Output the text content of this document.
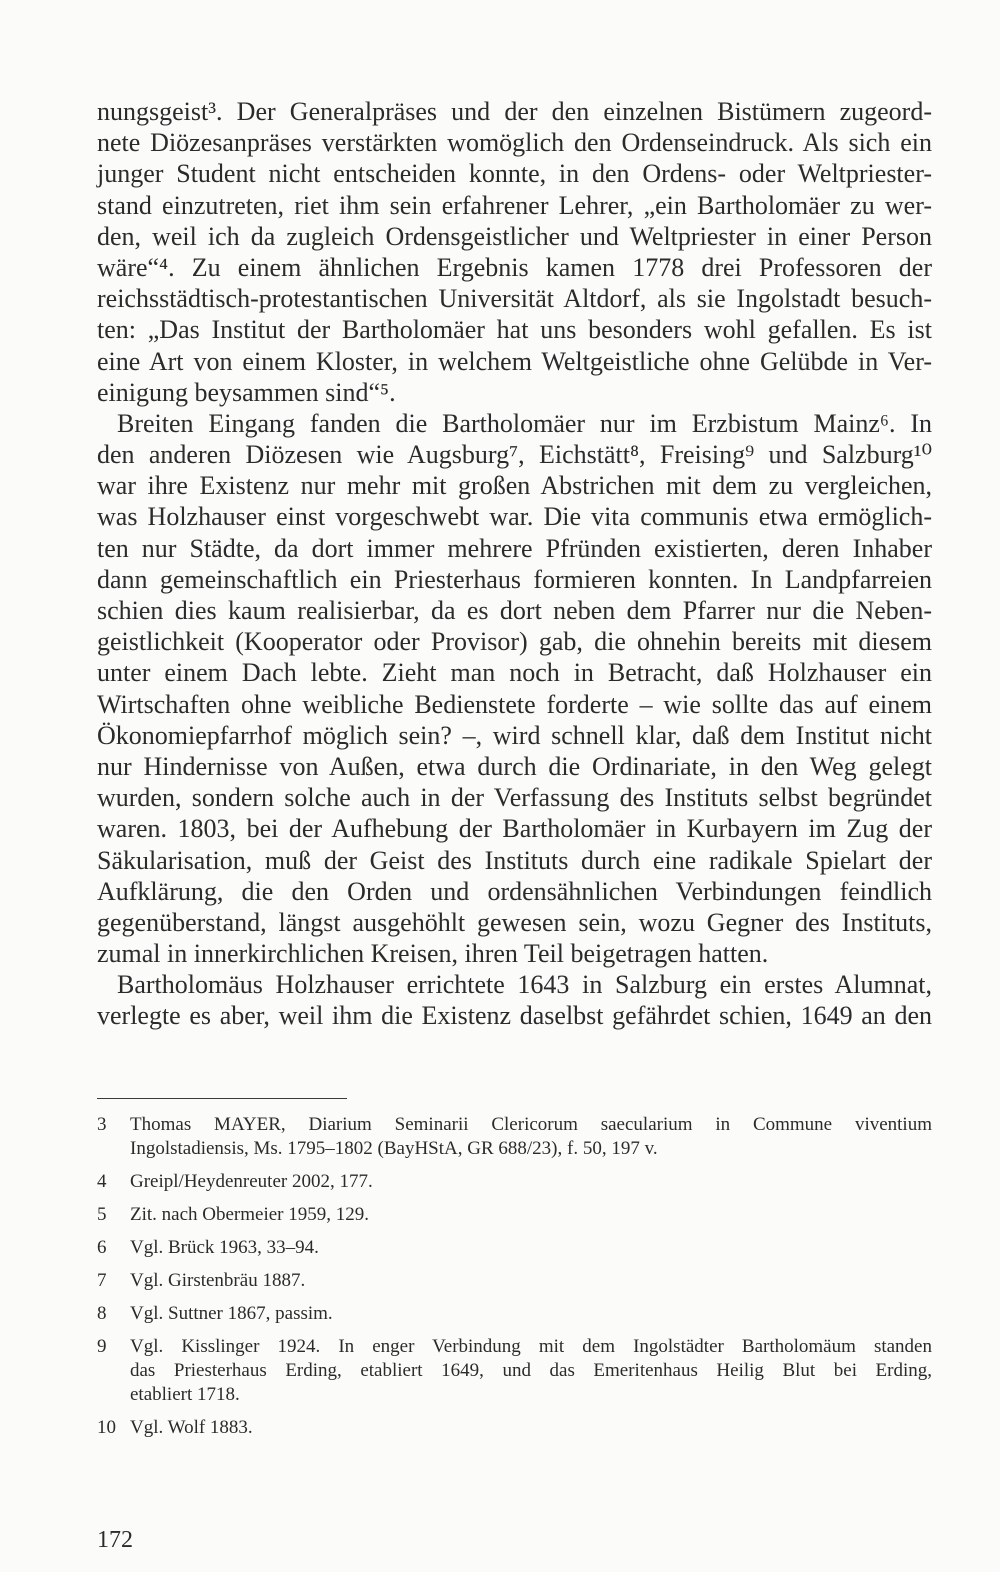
nungsgeist³. Der Generalpräses und der den einzelnen Bistümern zugeord-
nete Diözesanpräses verstärkten womöglich den Ordenseindruck. Als sich ein
junger Student nicht entscheiden konnte, in den Ordens- oder Weltpriester-
stand einzutreten, riet ihm sein erfahrener Lehrer, „ein Bartholomäer zu wer-
den, weil ich da zugleich Ordensgeistlicher und Weltpriester in einer Person
wäre“⁴. Zu einem ähnlichen Ergebnis kamen 1778 drei Professoren der
reichsstädtisch-protestantischen Universität Altdorf, als sie Ingolstadt besuch-
ten: „Das Institut der Bartholomäer hat uns besonders wohl gefallen. Es ist
eine Art von einem Kloster, in welchem Weltgeistliche ohne Gelübde in Ver-
einigung beysammen sind“⁵.
Breiten Eingang fanden die Bartholomäer nur im Erzbistum Mainz⁶. In
den anderen Diözesen wie Augsburg⁷, Eichstätt⁸, Freising⁹ und Salzburg¹⁰
war ihre Existenz nur mehr mit großen Abstrichen mit dem zu vergleichen,
was Holzhauser einst vorgeschwebt war. Die vita communis etwa ermöglich-
ten nur Städte, da dort immer mehrere Pfründen existierten, deren Inhaber
dann gemeinschaftlich ein Priesterhaus formieren konnten. In Landpfarreien
schien dies kaum realisierbar, da es dort neben dem Pfarrer nur die Neben-
geistlichkeit (Kooperator oder Provisor) gab, die ohnehin bereits mit diesem
unter einem Dach lebte. Zieht man noch in Betracht, daß Holzhauser ein
Wirtschaften ohne weibliche Bedienstete forderte – wie sollte das auf einem
Ökonomiepfarrhof möglich sein? –, wird schnell klar, daß dem Institut nicht
nur Hindernisse von Außen, etwa durch die Ordinariate, in den Weg gelegt
wurden, sondern solche auch in der Verfassung des Instituts selbst begründet
waren. 1803, bei der Aufhebung der Bartholomäer in Kurbayern im Zug der
Säkularisation, muß der Geist des Instituts durch eine radikale Spielart der
Aufklärung, die den Orden und ordensähnlichen Verbindungen feindlich
gegenüberstand, längst ausgehöhlt gewesen sein, wozu Gegner des Instituts,
zumal in innerkirchlichen Kreisen, ihren Teil beigetragen hatten.
Bartholomäus Holzhauser errichtete 1643 in Salzburg ein erstes Alumnat,
verlegte es aber, weil ihm die Existenz daselbst gefährdet schien, 1649 an den
3	Thomas MAYER, Diarium Seminarii Clericorum saecularium in Commune viventium
Ingolstadiensis, Ms. 1795–1802 (BayHStA, GR 688/23), f. 50, 197 v.
4	Greipl/Heydenreuter 2002, 177.
5	Zit. nach Obermeier 1959, 129.
6	Vgl. Brück 1963, 33–94.
7	Vgl. Girstenbräu 1887.
8	Vgl. Suttner 1867, passim.
9	Vgl. Kisslinger 1924. In enger Verbindung mit dem Ingolstädter Bartholomäum standen
das Priesterhaus Erding, etabliert 1649, und das Emeritenhaus Heilig Blut bei Erding,
etabliert 1718.
10 Vgl. Wolf 1883.
172
